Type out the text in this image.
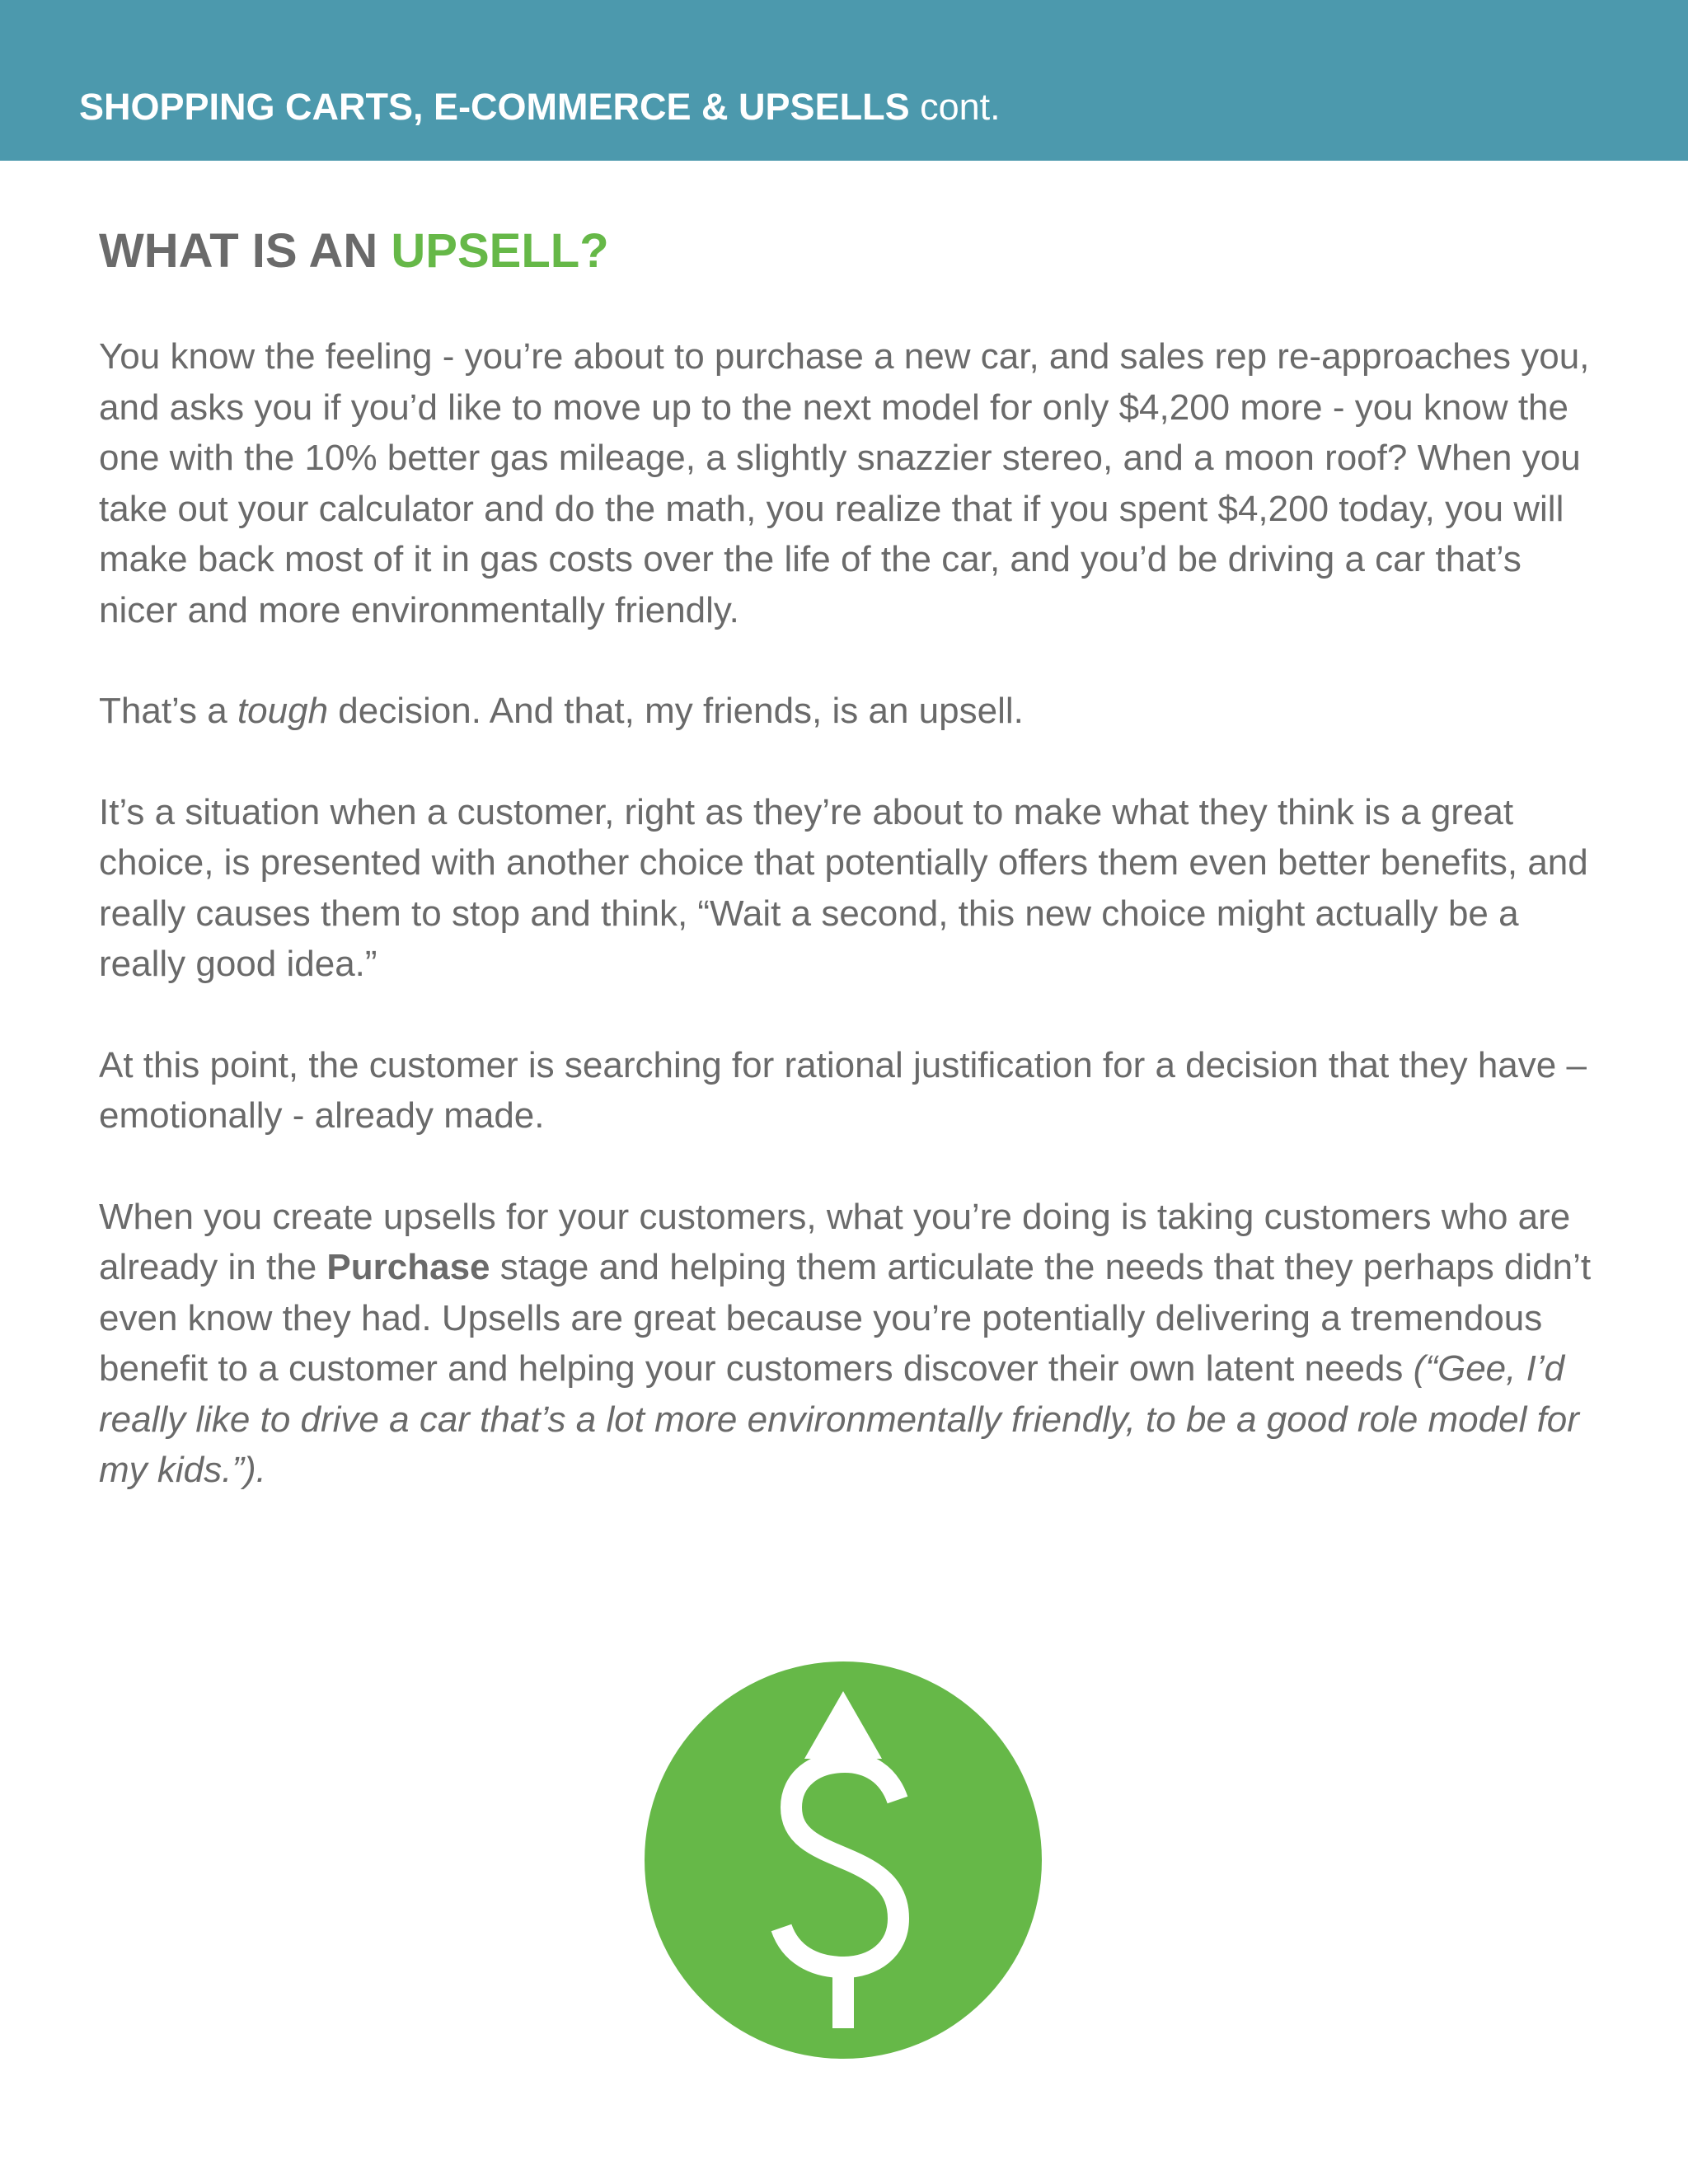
SHOPPING CARTS, E-COMMERCE & UPSELLS cont.
WHAT IS AN UPSELL?

You know the feeling - you’re about to purchase a new car, and sales rep re-approaches you, and asks you if you’d like to move up to the next model for only $4,200 more - you know the one with the 10% better gas mileage, a slightly snazzier stereo, and a moon roof? When you take out your calculator and do the math, you realize that if you spent $4,200 today, you will make back most of it in gas costs over the life of the car, and you’d be driving a car that’s nicer and more environmentally friendly.

That’s a tough decision. And that, my friends, is an upsell.

It’s a situation when a customer, right as they’re about to make what they think is a great choice, is presented with another choice that potentially offers them even better benefits, and really causes them to stop and think, “Wait a second, this new choice might actually be a really good idea.”

At this point, the customer is searching for rational justification for a decision that they have – emotionally - already made.

When you create upsells for your customers, what you’re doing is taking customers who are already in the Purchase stage and helping them articulate the needs that they perhaps didn’t even know they had. Upsells are great because you’re potentially delivering a tremendous benefit to a customer and helping your customers discover their own latent needs (“Gee, I’d really like to drive a car that’s a lot more environmentally friendly, to be a good role model for my kids.”).
